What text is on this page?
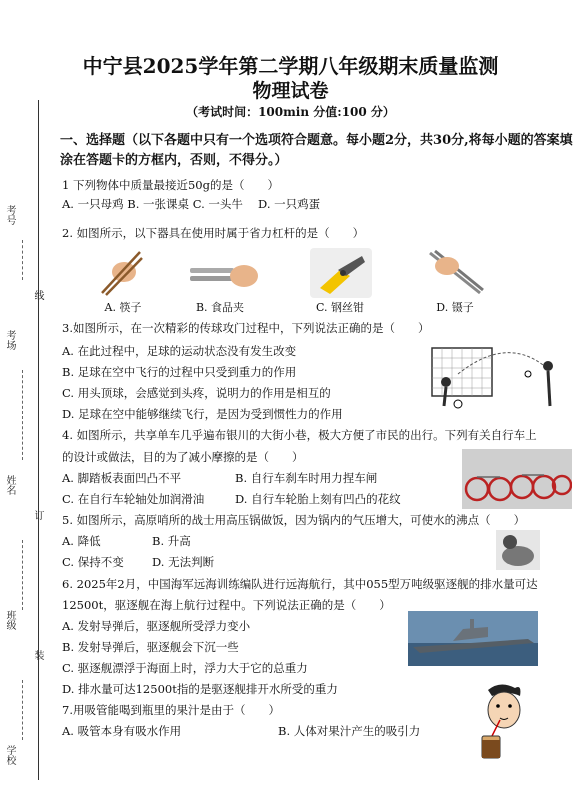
考号
线
考场
姓名
订
班级
装
学校
中宁县2025学年第二学期八年级期末质量监测
物理试卷
（考试时间：100min 分值:100 分）
一、选择题（以下各题中只有一个选项符合题意。每小题2分，共30分,将每小题的答案填涂在答题卡的方框内，否则，不得分。）
1 下列物体中质量最接近50g的是（　　）
A. 一只母鸡 B. 一张课桌 C. 一头牛　 D. 一只鸡蛋
2. 如图所示，以下器具在使用时属于省力杠杆的是（　　）
A. 筷子	B. 食品夹	C. 钢丝钳	D. 镊子
3.如图所示，在一次精彩的传球攻门过程中，下列说法正确的是（　　）
A. 在此过程中，足球的运动状态没有发生改变
B. 足球在空中飞行的过程中只受到重力的作用
C. 用头顶球，会感觉到头疼，说明力的作用是相互的
D. 足球在空中能够继续飞行，是因为受到惯性力的作用
4. 如图所示，共享单车几乎遍布银川的大街小巷，极大方便了市民的出行。下列有关自行车上
的设计或做法，目的为了减小摩擦的是（　　）
A. 脚踏板表面凹凸不平	B. 自行车刹车时用力捏车闸
C. 在自行车轮轴处加润滑油	D. 自行车轮胎上刻有凹凸的花纹
5. 如图所示，高原哨所的战士用高压锅做饭，因为锅内的气压增大，可使水的沸点（　　）
A. 降低	B. 升高
C. 保持不变	D. 无法判断
6. 2025年2月，中国海军远海训练编队进行远海航行，其中055型万吨级驱逐舰的排水量可达
12500t，驱逐舰在海上航行过程中。下列说法正确的是（　　）
A. 发射导弹后，驱逐舰所受浮力变小
B. 发射导弹后，驱逐舰会下沉一些
C. 驱逐舰漂浮于海面上时，浮力大于它的总重力
D. 排水量可达12500t指的是驱逐舰排开水所受的重力
7.用吸管能喝到瓶里的果汁是由于（　　）
A. 吸管本身有吸水作用	B. 人体对果汁产生的吸引力
